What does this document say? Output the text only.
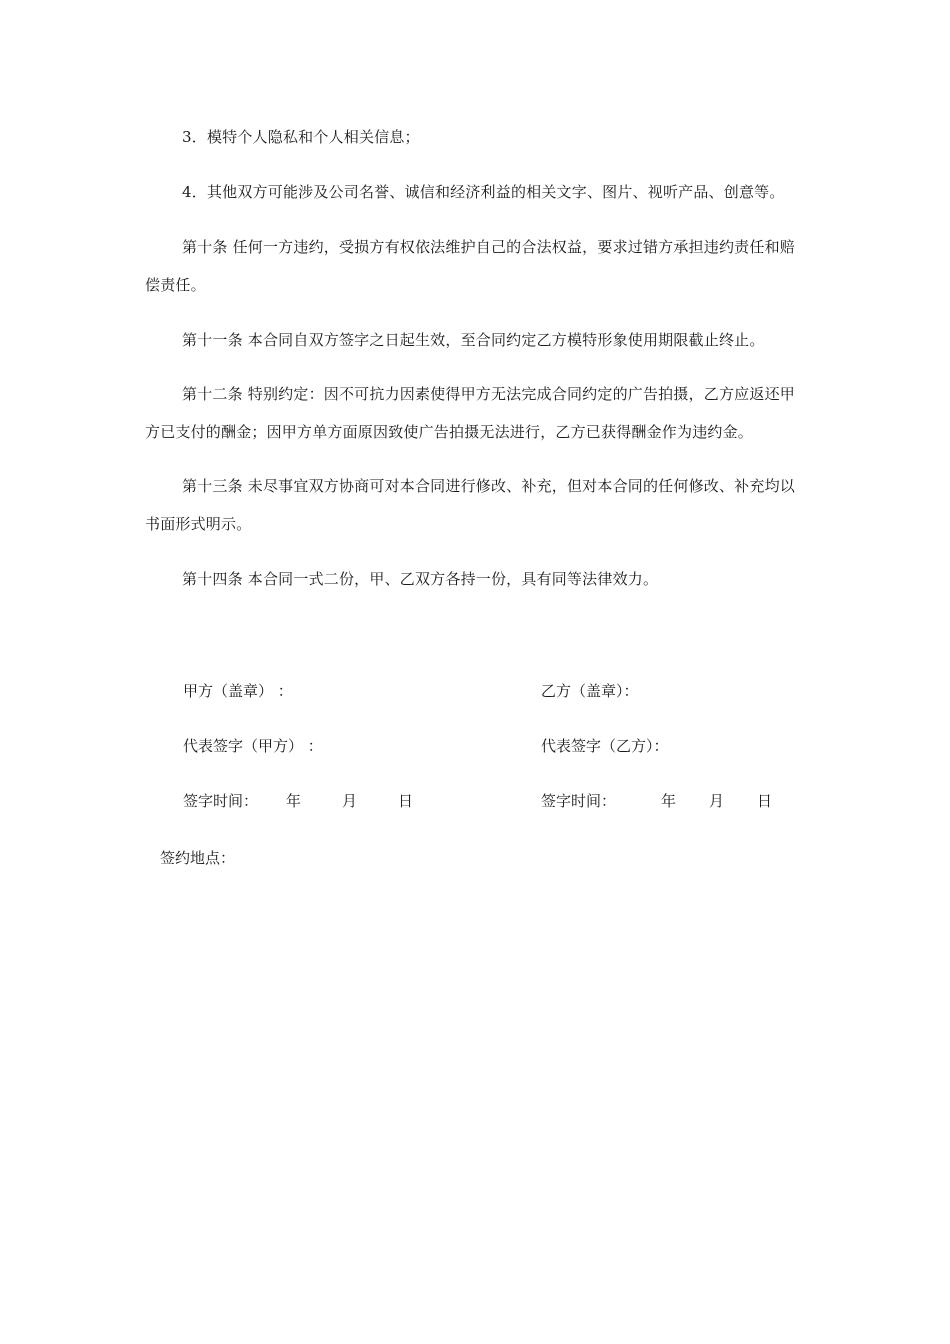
3．模特个人隐私和个人相关信息；

4．其他双方可能涉及公司名誉、诚信和经济利益的相关文字、图片、视听产品、创意等。

第十条 任何一方违约，受损方有权依法维护自己的合法权益，要求过错方承担违约责任和赔偿责任。

第十一条 本合同自双方签字之日起生效，至合同约定乙方模特形象使用期限截止终止。

第十二条 特别约定：因不可抗力因素使得甲方无法完成合同约定的广告拍摄，乙方应返还甲方已支付的酬金；因甲方单方面原因致使广告拍摄无法进行，乙方已获得酬金作为违约金。

第十三条 未尽事宜双方协商可对本合同进行修改、补充，但对本合同的任何修改、补充均以书面形式明示。

第十四条 本合同一式二份，甲、乙双方各持一份，具有同等法律效力。

甲方（盖章） ：	乙方（盖章）：
代表签字（甲方） ：	代表签字（乙方）：
签字时间： 年	月	日	签字时间：	年 月 日
签约地点：
